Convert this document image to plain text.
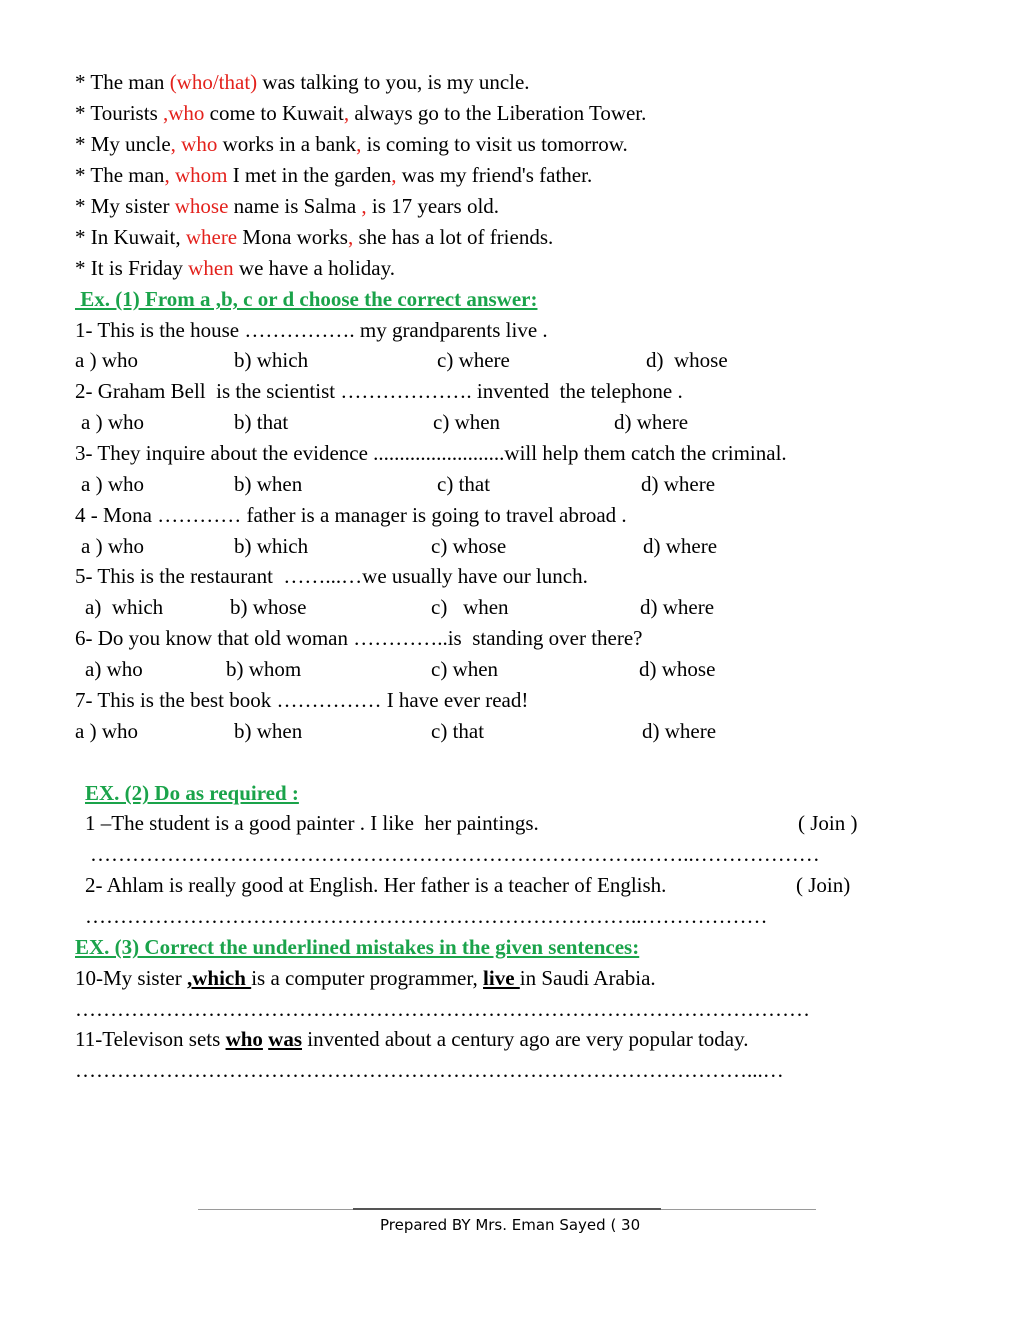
* The man (who/that) was talking to you, is my uncle.
* Tourists ,who come to Kuwait, always go to the Liberation Tower.
* My uncle, who works in a bank, is coming to visit us tomorrow.
* The man, whom I met in the garden, was my friend's father.
* My sister whose name is Salma , is 17 years old.
* In Kuwait, where Mona works, she has a lot of friends.
* It is Friday when we have a holiday.
Ex. (1) From a ,b, c or d choose the correct answer:
1- This is the house ……………. my grandparents live .
a ) who	b) which	c) where	d)  whose
2- Graham Bell  is the scientist ………………. invented  the telephone .
a ) who	b) that	c) when	d) where
3- They inquire about the evidence .........................will help them catch the criminal.
a ) who	b) when	c) that	d) where
4 - Mona ………… father is a manager is going to travel abroad .
a ) who	b) which	c) whose	d) where
5- This is the restaurant  ……...…we usually have our lunch.
a)  which	b) whose	c)   when	d) where
6- Do you know that old woman …………..is  standing over there?
a) who	b) whom	c) when	d) whose
7- This is the best book …………… I have ever read!
a ) who	b) when	c) that	d) where
EX. (2) Do as required :
1 –The student is a good painter . I like  her paintings.	( Join )
…………………………………………………………………….……..………………
2- Ahlam is really good at English. Her father is a teacher of English.	( Join)
……………………………………………………………………..………………
EX. (3) Correct the underlined mistakes in the given sentences:
10-My sister ,which is a computer programmer, live in Saudi Arabia.
……………………………………………………………………………………………
11-Televison sets who was invented about a century ago are very popular today.
……………………………………………………………………………………...…
Prepared BY Mrs. Eman Sayed ( 30
